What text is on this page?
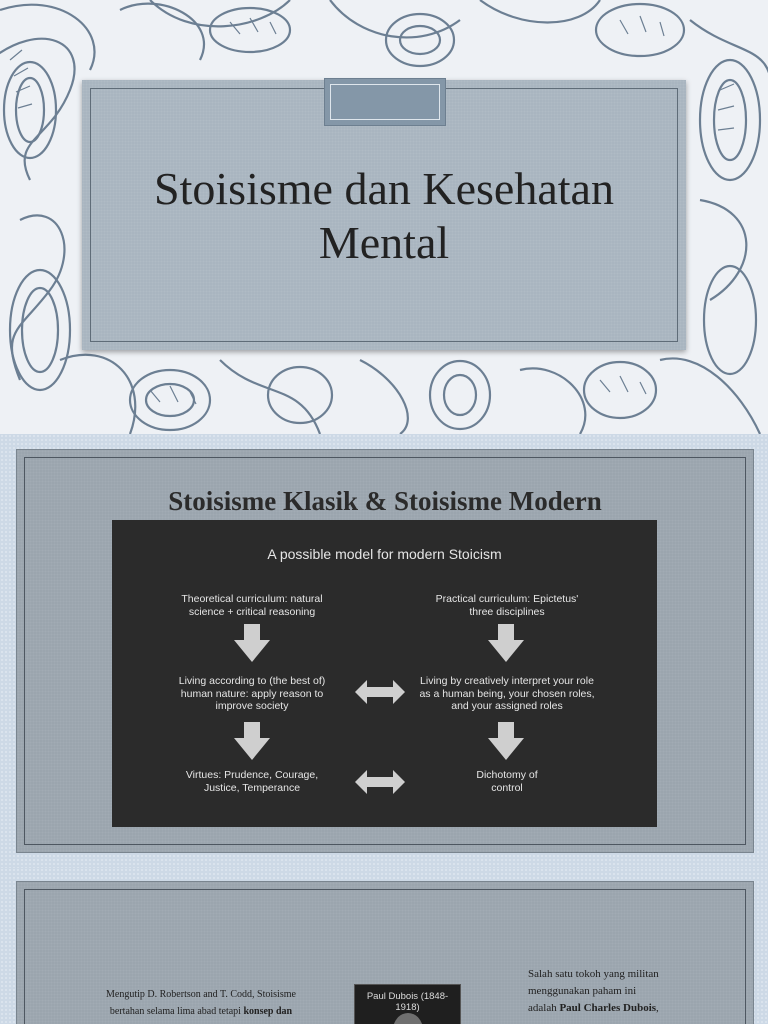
Stoisisme dan Kesehatan
Mental
Stoisisme Klasik & Stoisisme Modern
A possible model for modern Stoicism
Theoretical curriculum: natural
science + critical reasoning
Practical curriculum: Epictetus'
three disciplines
Living according to (the best of)
human nature: apply reason to
improve society
Living by creatively interpret your role
as a human being, your chosen roles,
and your assigned roles
Virtues: Prudence, Courage,
Justice, Temperance
Dichotomy of
control
Mengutip D. Robertson and T. Codd, Stoisisme
bertahan selama lima abad tetapi konsep dan
Paul Dubois (1848-1918)
Salah satu tokoh yang militan
menggunakan paham ini
adalah Paul Charles Dubois,
